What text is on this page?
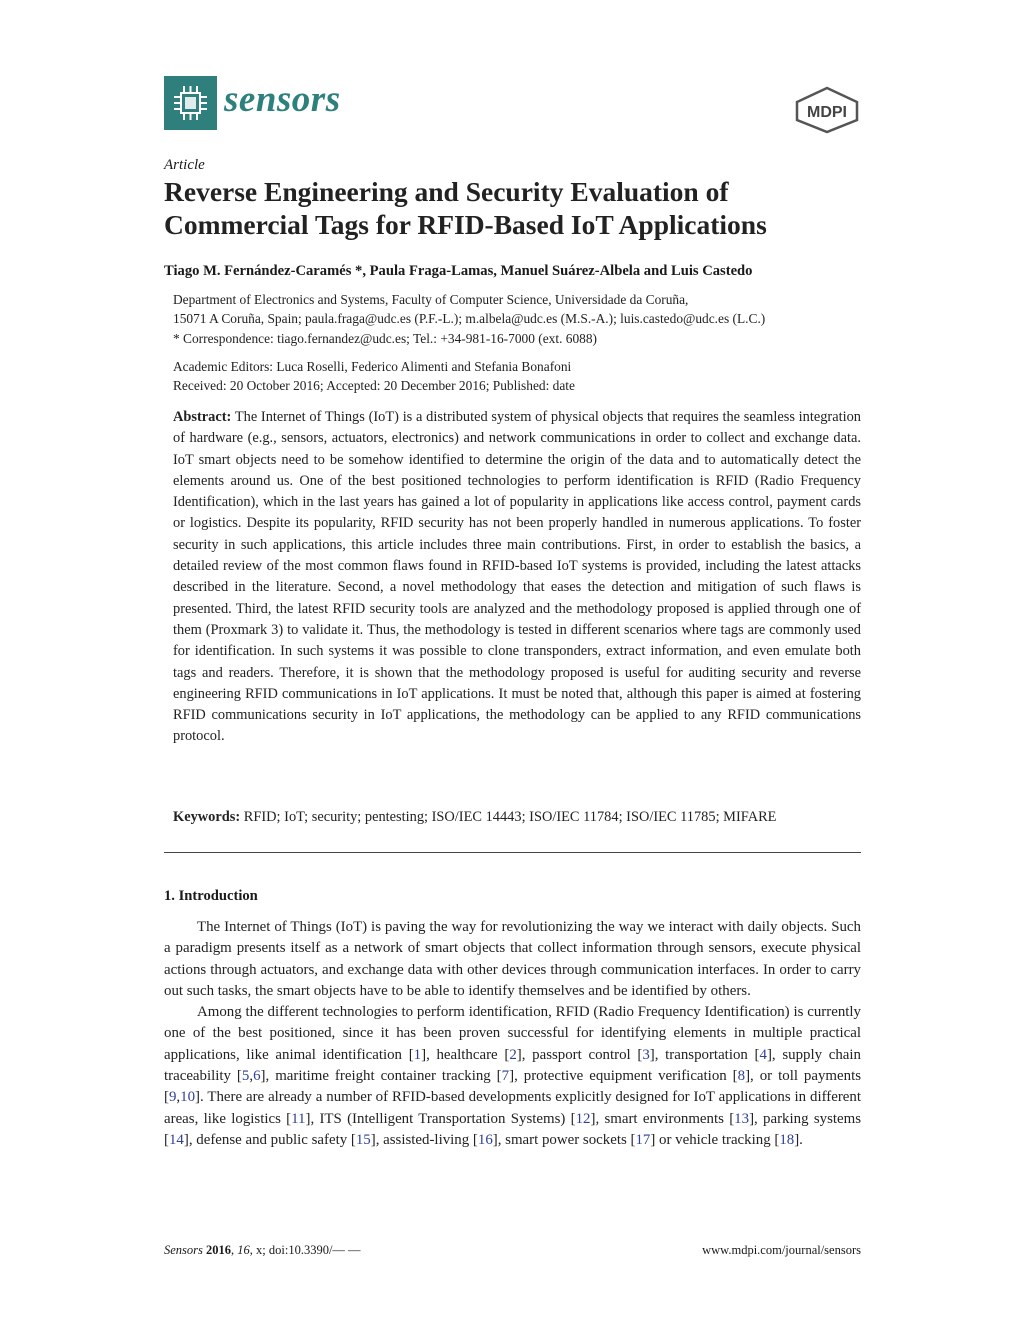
sensors	MDPI
Article
Reverse Engineering and Security Evaluation of
Commercial Tags for RFID-Based IoT Applications
Tiago M. Fernández-Caramés *, Paula Fraga-Lamas, Manuel Suárez-Albela and Luis Castedo
Department of Electronics and Systems, Faculty of Computer Science, Universidade da Coruña,
15071 A Coruña, Spain; paula.fraga@udc.es (P.F.-L.); m.albela@udc.es (M.S.-A.); luis.castedo@udc.es (L.C.)
* Correspondence: tiago.fernandez@udc.es; Tel.: +34-981-16-7000 (ext. 6088)
Academic Editors: Luca Roselli, Federico Alimenti and Stefania Bonafoni
Received: 20 October 2016; Accepted: 20 December 2016; Published: date
Abstract: The Internet of Things (IoT) is a distributed system of physical objects that requires the seamless integration of hardware (e.g., sensors, actuators, electronics) and network communications in order to collect and exchange data. IoT smart objects need to be somehow identified to determine the origin of the data and to automatically detect the elements around us. One of the best positioned technologies to perform identification is RFID (Radio Frequency Identification), which in the last years has gained a lot of popularity in applications like access control, payment cards or logistics. Despite its popularity, RFID security has not been properly handled in numerous applications. To foster security in such applications, this article includes three main contributions. First, in order to establish the basics, a detailed review of the most common flaws found in RFID-based IoT systems is provided, including the latest attacks described in the literature. Second, a novel methodology that eases the detection and mitigation of such flaws is presented. Third, the latest RFID security tools are analyzed and the methodology proposed is applied through one of them (Proxmark 3) to validate it. Thus, the methodology is tested in different scenarios where tags are commonly used for identification. In such systems it was possible to clone transponders, extract information, and even emulate both tags and readers. Therefore, it is shown that the methodology proposed is useful for auditing security and reverse engineering RFID communications in IoT applications. It must be noted that, although this paper is aimed at fostering RFID communications security in IoT applications, the methodology can be applied to any RFID communications protocol.
Keywords: RFID; IoT; security; pentesting; ISO/IEC 14443; ISO/IEC 11784; ISO/IEC 11785; MIFARE
1. Introduction

The Internet of Things (IoT) is paving the way for revolutionizing the way we interact with daily objects. Such a paradigm presents itself as a network of smart objects that collect information through sensors, execute physical actions through actuators, and exchange data with other devices through communication interfaces. In order to carry out such tasks, the smart objects have to be able to identify themselves and be identified by others.

Among the different technologies to perform identification, RFID (Radio Frequency Identification) is currently one of the best positioned, since it has been proven successful for identifying elements in multiple practical applications, like animal identification [1], healthcare [2], passport control [3], transportation [4], supply chain traceability [5,6], maritime freight container tracking [7], protective equipment verification [8], or toll payments [9,10]. There are already a number of RFID-based developments explicitly designed for IoT applications in different areas, like logistics [11], ITS (Intelligent Transportation Systems) [12], smart environments [13], parking systems [14], defense and public safety [15], assisted-living [16], smart power sockets [17] or vehicle tracking [18].

Sensors 2016, 16, x; doi:10.3390/— —	www.mdpi.com/journal/sensors
